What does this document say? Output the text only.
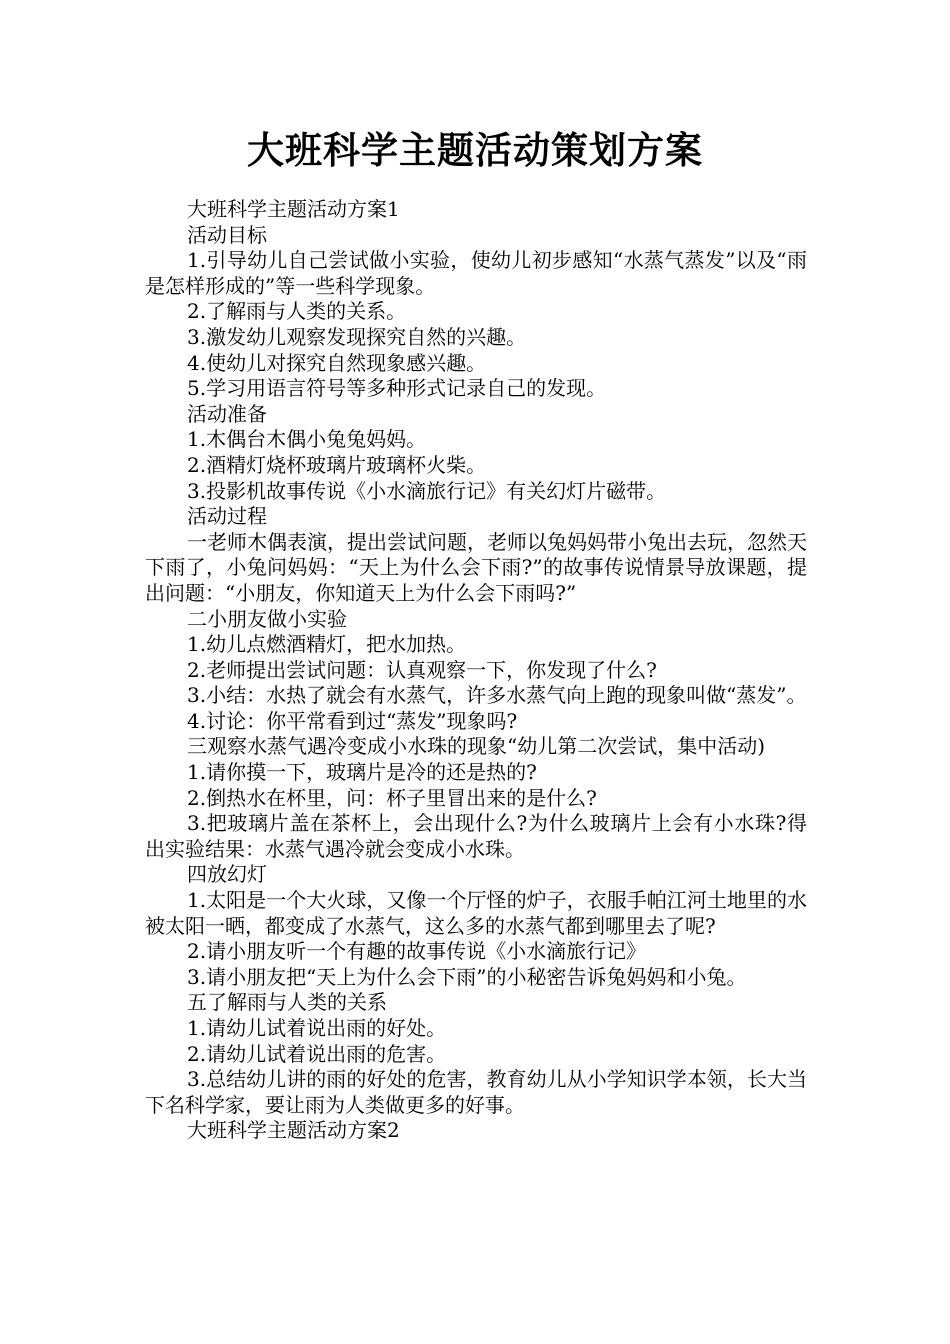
大班科学主题活动策划方案

大班科学主题活动方案1

活动目标

1.引导幼儿自己尝试做小实验，使幼儿初步感知“水蒸气蒸发”以及“雨是怎样形成的”等一些科学现象。

2.了解雨与人类的关系。

3.激发幼儿观察发现探究自然的兴趣。

4.使幼儿对探究自然现象感兴趣。

5.学习用语言符号等多种形式记录自己的发现。

活动准备

1.木偶台木偶小兔兔妈妈。

2.酒精灯烧杯玻璃片玻璃杯火柴。

3.投影机故事传说《小水滴旅行记》有关幻灯片磁带。

活动过程

一老师木偶表演，提出尝试问题，老师以兔妈妈带小兔出去玩，忽然天下雨了，小兔问妈妈：“天上为什么会下雨?”的故事传说情景导放课题，提出问题：“小朋友，你知道天上为什么会下雨吗?”

二小朋友做小实验

1.幼儿点燃酒精灯，把水加热。

2.老师提出尝试问题：认真观察一下，你发现了什么?

3.小结：水热了就会有水蒸气，许多水蒸气向上跑的现象叫做“蒸发”。

4.讨论：你平常看到过“蒸发”现象吗?

三观察水蒸气遇冷变成小水珠的现象“幼儿第二次尝试，集中活动)

1.请你摸一下，玻璃片是冷的还是热的?

2.倒热水在杯里，问：杯子里冒出来的是什么?

3.把玻璃片盖在茶杯上，会出现什么?为什么玻璃片上会有小水珠?得出实验结果：水蒸气遇冷就会变成小水珠。

四放幻灯

1.太阳是一个大火球，又像一个厅怪的炉子，衣服手帕江河土地里的水被太阳一晒，都变成了水蒸气，这么多的水蒸气都到哪里去了呢?

2.请小朋友听一个有趣的故事传说《小水滴旅行记》

3.请小朋友把“天上为什么会下雨”的小秘密告诉兔妈妈和小兔。

五了解雨与人类的关系

1.请幼儿试着说出雨的好处。

2.请幼儿试着说出雨的危害。

3.总结幼儿讲的雨的好处的危害，教育幼儿从小学知识学本领，长大当下名科学家，要让雨为人类做更多的好事。

大班科学主题活动方案2
